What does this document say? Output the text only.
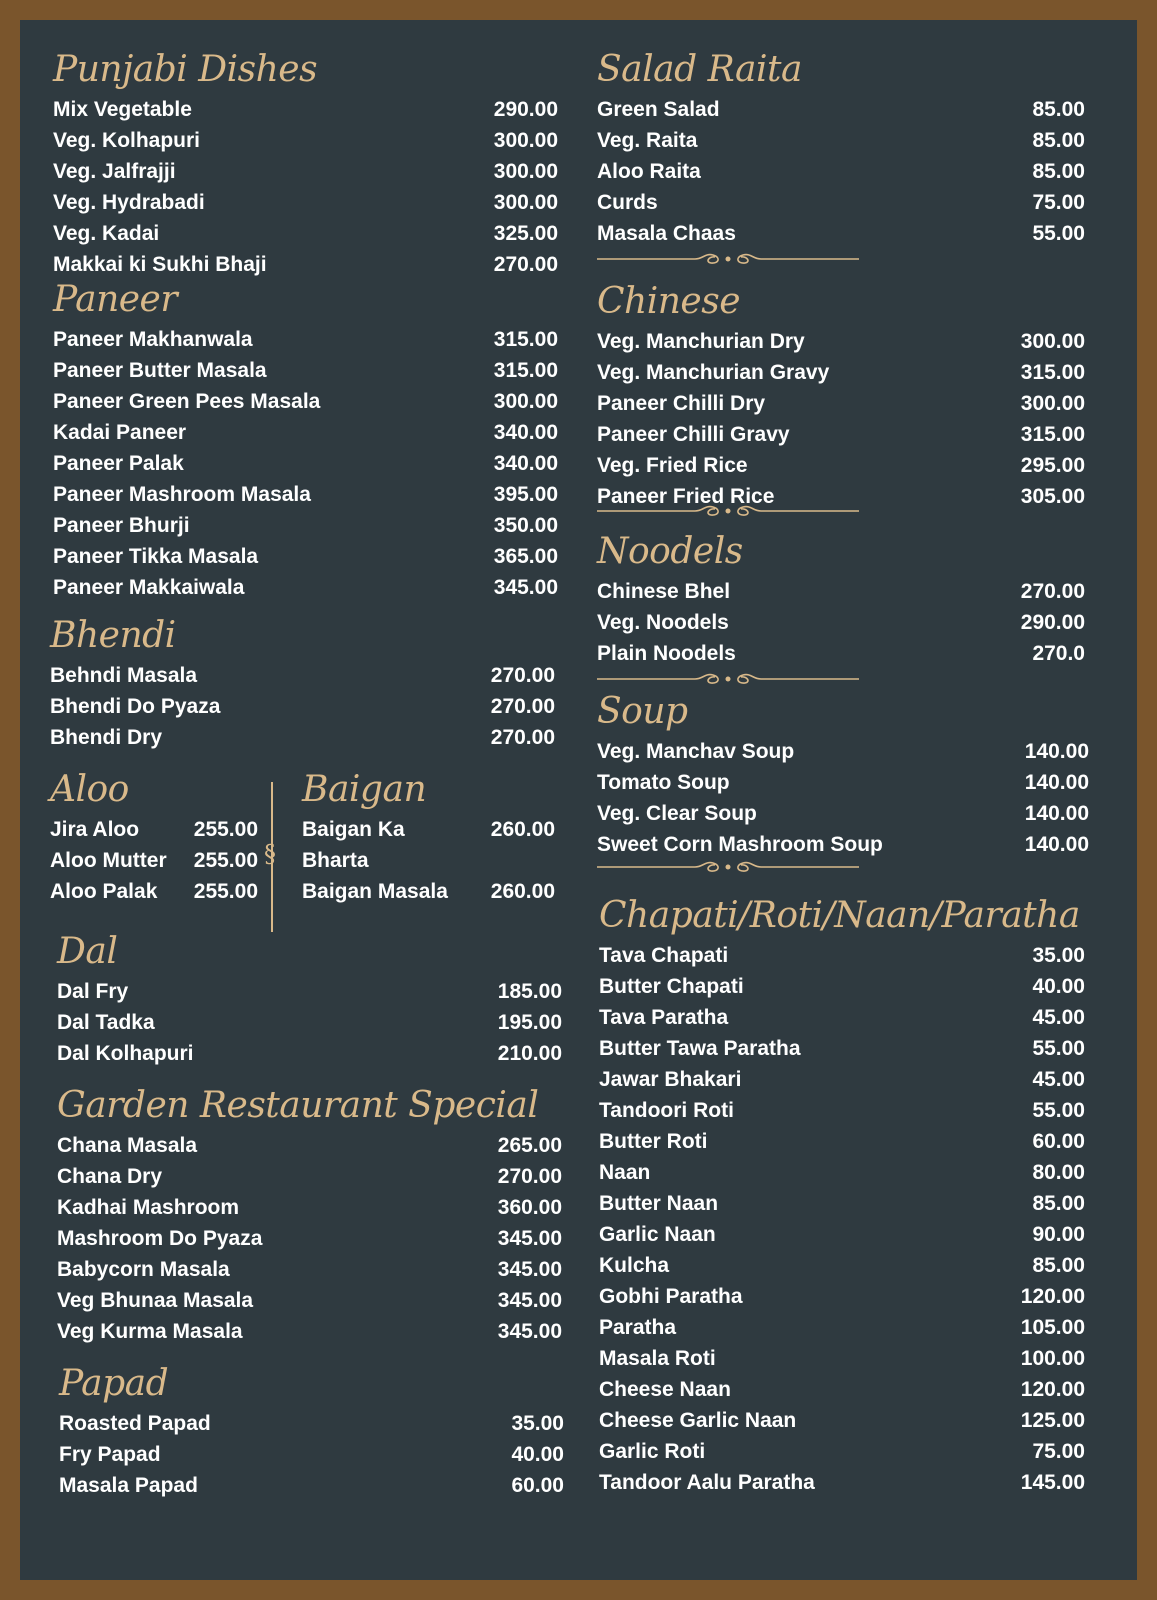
Punjabi Dishes
Mix Vegetable	290.00
Veg. Kolhapuri	300.00
Veg. Jalfrajji	300.00
Veg. Hydrabadi	300.00
Veg. Kadai	325.00
Makkai ki Sukhi Bhaji	270.00
Paneer
Paneer Makhanwala	315.00
Paneer Butter Masala	315.00
Paneer Green Pees Masala	300.00
Kadai Paneer	340.00
Paneer Palak	340.00
Paneer Mashroom Masala	395.00
Paneer Bhurji	350.00
Paneer Tikka Masala	365.00
Paneer Makkaiwala	345.00
Bhendi
Behndi Masala	270.00
Bhendi Do Pyaza	270.00
Bhendi Dry	270.00
Aloo
Jira Aloo	255.00
Aloo Mutter 255.00
Aloo Palak 255.00
§
Baigan
Baigan Ka	260.00
Bharta
Baigan Masala 260.00
Dal
Dal Fry	185.00
Dal Tadka	195.00
Dal Kolhapuri	210.00
Garden Restaurant Special
Chana Masala	265.00
Chana Dry	270.00
Kadhai Mashroom	360.00
Mashroom Do Pyaza	345.00
Babycorn Masala	345.00
Veg Bhunaa Masala	345.00
Veg Kurma Masala	345.00
Papad
Roasted Papad	35.00
Fry Papad	40.00
Masala Papad	60.00
Salad Raita
Green Salad	85.00
Veg. Raita	85.00
Aloo Raita	85.00
Curds	75.00
Masala Chaas	55.00
Chinese
Veg. Manchurian Dry	300.00
Veg. Manchurian Gravy	315.00
Paneer Chilli Dry	300.00
Paneer Chilli Gravy	315.00
Veg. Fried Rice	295.00
Paneer Fried Rice	305.00
Noodels
Chinese Bhel	270.00
Veg. Noodels	290.00
Plain Noodels	270.0
Soup
Veg. Manchav Soup	140.00
Tomato Soup	140.00
Veg. Clear Soup	140.00
Sweet Corn Mashroom Soup	140.00
Chapati/Roti/Naan/Paratha
Tava Chapati	35.00
Butter Chapati	40.00
Tava Paratha	45.00
Butter Tawa Paratha	55.00
Jawar Bhakari	45.00
Tandoori Roti	55.00
Butter Roti	60.00
Naan	80.00
Butter Naan	85.00
Garlic Naan	90.00
Kulcha	85.00
Gobhi Paratha	120.00
Paratha	105.00
Masala Roti	100.00
Cheese Naan	120.00
Cheese Garlic Naan	125.00
Garlic Roti	75.00
Tandoor Aalu Paratha	145.00
